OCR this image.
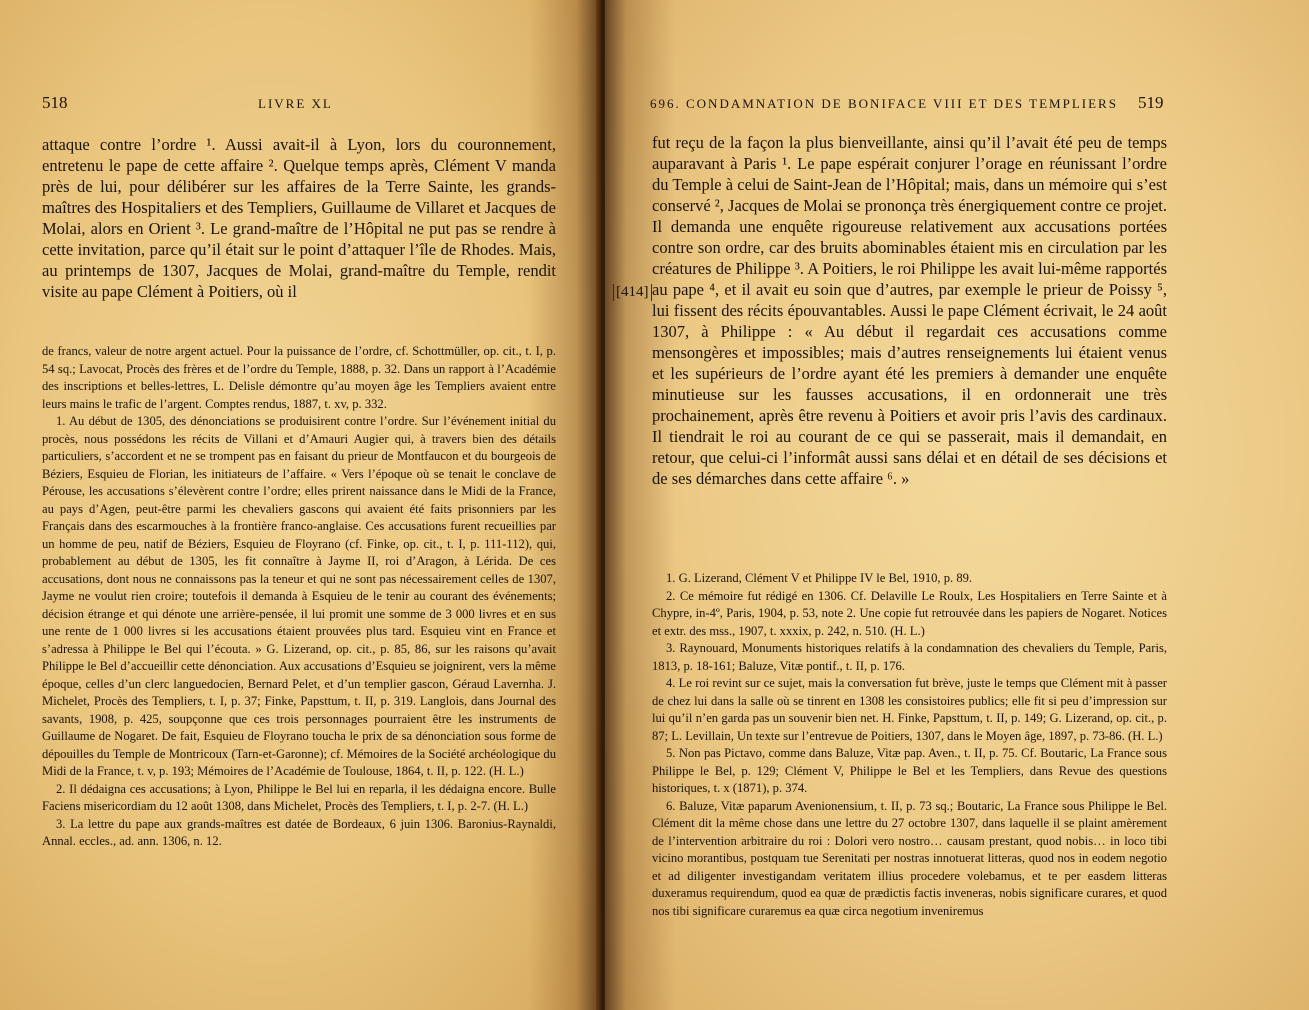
518	LIVRE XL

attaque contre l’ordre ¹. Aussi avait-il à Lyon, lors du couronnement, entretenu le pape de cette affaire ². Quelque temps après, Clément V manda près de lui, pour délibérer sur les affaires de la Terre Sainte, les grands-maîtres des Hospitaliers et des Templiers, Guillaume de Villaret et Jacques de Molai, alors en Orient ³. Le grand-maître de l’Hôpital ne put pas se rendre à cette invitation, parce qu’il était sur le point d’attaquer l’île de Rhodes. Mais, au printemps de 1307, Jacques de Molai, grand-maître du Temple, rendit visite au pape Clément à Poitiers, où il

de francs, valeur de notre argent actuel. Pour la puissance de l’ordre, cf. Schottmüller, op. cit., t. I, p. 54 sq.; Lavocat, Procès des frères et de l’ordre du Temple, 1888, p. 32. Dans un rapport à l’Académie des inscriptions et belles-lettres, L. Delisle démontre qu’au moyen âge les Templiers avaient entre leurs mains le trafic de l’argent. Comptes rendus, 1887, t. xv, p. 332.

1. Au début de 1305, des dénonciations se produisirent contre l’ordre. Sur l’événement initial du procès, nous possédons les récits de Villani et d’Amauri Augier qui, à travers bien des détails particuliers, s’accordent et ne se trompent pas en faisant du prieur de Montfaucon et du bourgeois de Béziers, Esquieu de Florian, les initiateurs de l’affaire. « Vers l’époque où se tenait le conclave de Pérouse, les accusations s’élevèrent contre l’ordre; elles prirent naissance dans le Midi de la France, au pays d’Agen, peut-être parmi les chevaliers gascons qui avaient été faits prisonniers par les Français dans des escarmouches à la frontière franco-anglaise. Ces accusations furent recueillies par un homme de peu, natif de Béziers, Esquieu de Floyrano (cf. Finke, op. cit., t. I, p. 111-112), qui, probablement au début de 1305, les fit connaître à Jayme II, roi d’Aragon, à Lérida. De ces accusations, dont nous ne connaissons pas la teneur et qui ne sont pas nécessairement celles de 1307, Jayme ne voulut rien croire; toutefois il demanda à Esquieu de le tenir au courant des événements; décision étrange et qui dénote une arrière-pensée, il lui promit une somme de 3 000 livres et en sus une rente de 1 000 livres si les accusations étaient prouvées plus tard. Esquieu vint en France et s’adressa à Philippe le Bel qui l’écouta. » G. Lizerand, op. cit., p. 85, 86, sur les raisons qu’avait Philippe le Bel d’accueillir cette dénonciation. Aux accusations d’Esquieu se joignirent, vers la même époque, celles d’un clerc languedocien, Bernard Pelet, et d’un templier gascon, Géraud Lavernha. J. Michelet, Procès des Templiers, t. I, p. 37; Finke, Papsttum, t. II, p. 319. Langlois, dans Journal des savants, 1908, p. 425, soupçonne que ces trois personnages pourraient être les instruments de Guillaume de Nogaret. De fait, Esquieu de Floyrano toucha le prix de sa dénonciation sous forme de dépouilles du Temple de Montricoux (Tarn-et-Garonne); cf. Mémoires de la Société archéologique du Midi de la France, t. v, p. 193; Mémoires de l’Académie de Toulouse, 1864, t. II, p. 122. (H. L.)

2. Il dédaigna ces accusations; à Lyon, Philippe le Bel lui en reparla, il les dédaigna encore. Bulle Faciens misericordiam du 12 août 1308, dans Michelet, Procès des Templiers, t. I, p. 2-7. (H. L.)

3. La lettre du pape aux grands-maîtres est datée de Bordeaux, 6 juin 1306. Baronius-Raynaldi, Annal. eccles., ad. ann. 1306, n. 12.

696. CONDAMNATION DE BONIFACE VIII ET DES TEMPLIERS 519
[414]

fut reçu de la façon la plus bienveillante, ainsi qu’il l’avait été peu de temps auparavant à Paris ¹. Le pape espérait conjurer l’orage en réunissant l’ordre du Temple à celui de Saint-Jean de l’Hôpital; mais, dans un mémoire qui s’est conservé ², Jacques de Molai se prononça très énergiquement contre ce projet. Il demanda une enquête rigoureuse relativement aux accusations portées contre son ordre, car des bruits abominables étaient mis en circulation par les créatures de Philippe ³. A Poitiers, le roi Philippe les avait lui-même rapportés au pape ⁴, et il avait eu soin que d’autres, par exemple le prieur de Poissy ⁵, lui fissent des récits épouvantables. Aussi le pape Clément écrivait, le 24 août 1307, à Philippe : « Au début il regardait ces accusations comme mensongères et impossibles; mais d’autres renseignements lui étaient venus et les supérieurs de l’ordre ayant été les premiers à demander une enquête minutieuse sur les fausses accusations, il en ordonnerait une très prochainement, après être revenu à Poitiers et avoir pris l’avis des cardinaux. Il tiendrait le roi au courant de ce qui se passerait, mais il demandait, en retour, que celui-ci l’informât aussi sans délai et en détail de ses décisions et de ses démarches dans cette affaire ⁶. »

1. G. Lizerand, Clément V et Philippe IV le Bel, 1910, p. 89.

2. Ce mémoire fut rédigé en 1306. Cf. Delaville Le Roulx, Les Hospitaliers en Terre Sainte et à Chypre, in-4º, Paris, 1904, p. 53, note 2. Une copie fut retrouvée dans les papiers de Nogaret. Notices et extr. des mss., 1907, t. xxxix, p. 242, n. 510. (H. L.)

3. Raynouard, Monuments historiques relatifs à la condamnation des chevaliers du Temple, Paris, 1813, p. 18-161; Baluze, Vitæ pontif., t. II, p. 176.

4. Le roi revint sur ce sujet, mais la conversation fut brève, juste le temps que Clément mit à passer de chez lui dans la salle où se tinrent en 1308 les consistoires publics; elle fit si peu d’impression sur lui qu’il n’en garda pas un souvenir bien net. H. Finke, Papsttum, t. II, p. 149; G. Lizerand, op. cit., p. 87; L. Levillain, Un texte sur l’entrevue de Poitiers, 1307, dans le Moyen âge, 1897, p. 73-86. (H. L.)

5. Non pas Pictavo, comme dans Baluze, Vitæ pap. Aven., t. II, p. 75. Cf. Boutaric, La France sous Philippe le Bel, p. 129; Clément V, Philippe le Bel et les Templiers, dans Revue des questions historiques, t. x (1871), p. 374.

6. Baluze, Vitæ paparum Avenionensium, t. II, p. 73 sq.; Boutaric, La France sous Philippe le Bel. Clément dit la même chose dans une lettre du 27 octobre 1307, dans laquelle il se plaint amèrement de l’intervention arbitraire du roi : Dolori vero nostro… causam prestant, quod nobis… in loco tibi vicino morantibus, postquam tue Serenitati per nostras innotuerat litteras, quod nos in eodem negotio et ad diligenter investigandam veritatem illius procedere volebamus, et te per easdem litteras duxeramus requirendum, quod ea quæ de prædictis factis inveneras, nobis significare curares, et quod nos tibi significare curaremus ea quæ circa negotium inveniremus
